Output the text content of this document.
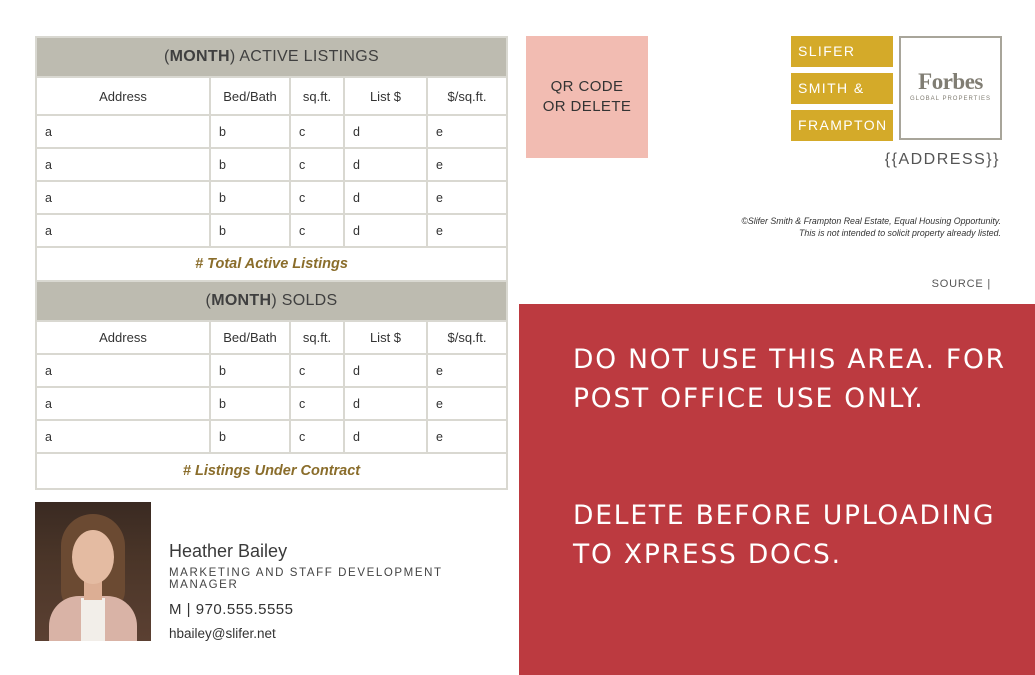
(MONTH) ACTIVE LISTINGS				
Address	Bed/Bath	sq.ft.	List $	$/sq.ft.
a	b	c	d	e
a	b	c	d	e
a	b	c	d	e
a	b	c	d	e
# Total Active Listings				
(MONTH) SOLDS				
Address	Bed/Bath	sq.ft.	List $	$/sq.ft.
a	b	c	d	e
a	b	c	d	e
a	b	c	d	e
# Listings Under Contract				
Heather Bailey
MARKETING AND STAFF DEVELOPMENT MANAGER
M | 970.555.5555
hbailey@slifer.net
QR CODE
OR DELETE
SLIFER
SMITH &
FRAMPTON
Forbes
GLOBAL PROPERTIES
{{ADDRESS}}
©Slifer Smith & Frampton Real Estate, Equal Housing Opportunity.
This is not intended to solicit property already listed.
SOURCE |
DO NOT USE THIS AREA. FOR POST OFFICE USE ONLY.
DELETE BEFORE UPLOADING TO XPRESS DOCS.
